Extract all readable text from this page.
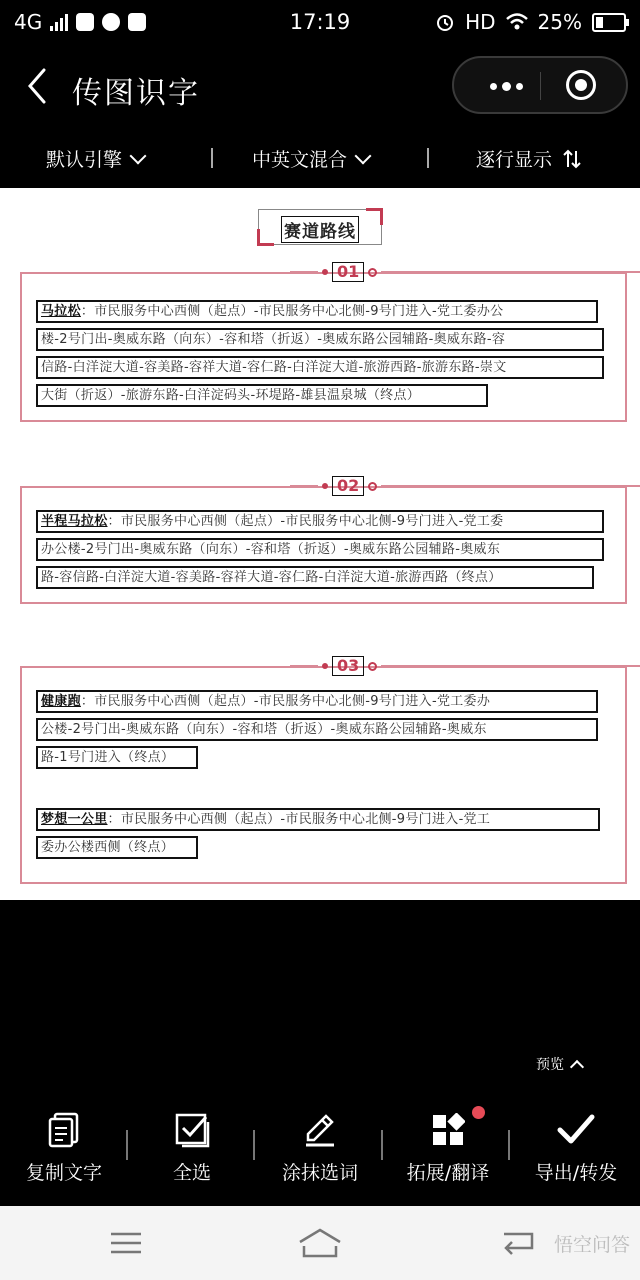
4G	17:19	HD 25%
传图识字
默认引擎	中英文混合	逐行显示
赛道路线
01
马拉松：市民服务中心西侧（起点）-市民服务中心北侧-9号门进入-党工委办公
楼-2号门出-奥威东路（向东）-容和塔（折返）-奥威东路公园辅路-奥威东路-容
信路-白洋淀大道-容美路-容祥大道-容仁路-白洋淀大道-旅游西路-旅游东路-崇文
大街（折返）-旅游东路-白洋淀码头-环堤路-雄县温泉城（终点）
02
半程马拉松：市民服务中心西侧（起点）-市民服务中心北侧-9号门进入-党工委
办公楼-2号门出-奥威东路（向东）-容和塔（折返）-奥威东路公园辅路-奥威东
路-容信路-白洋淀大道-容美路-容祥大道-容仁路-白洋淀大道-旅游西路（终点）
03
健康跑：市民服务中心西侧（起点）-市民服务中心北侧-9号门进入-党工委办
公楼-2号门出-奥威东路（向东）-容和塔（折返）-奥威东路公园辅路-奥威东
路-1号门进入（终点）
梦想一公里：市民服务中心西侧（起点）-市民服务中心北侧-9号门进入-党工
委办公楼西侧（终点）
预览
复制文字	全选	涂抹选词	拓展/翻译	导出/转发
悟空问答
